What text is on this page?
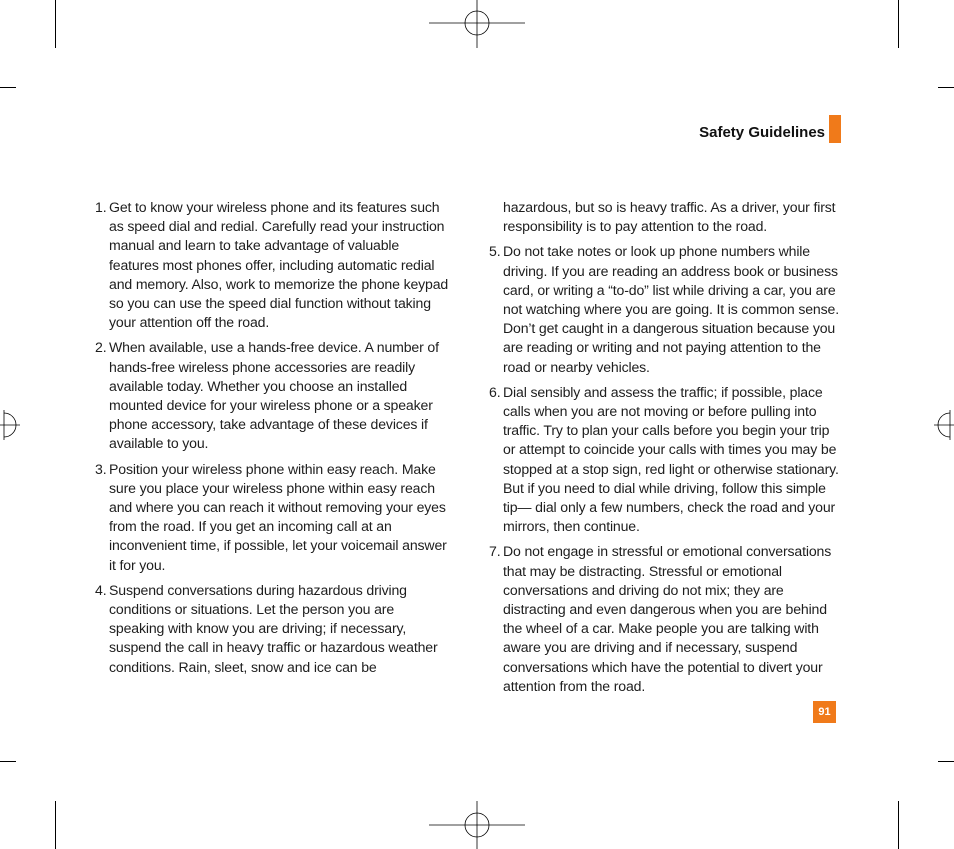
Safety Guidelines
1. Get to know your wireless phone and its features such as speed dial and redial. Carefully read your instruction manual and learn to take advantage of valuable features most phones offer, including automatic redial and memory. Also, work to memorize the phone keypad so you can use the speed dial function without taking your attention off the road.
2. When available, use a hands-free device. A number of hands-free wireless phone accessories are readily available today. Whether you choose an installed mounted device for your wireless phone or a speaker phone accessory, take advantage of these devices if available to you.
3. Position your wireless phone within easy reach. Make sure you place your wireless phone within easy reach and where you can reach it without removing your eyes from the road. If you get an incoming call at an inconvenient time, if possible, let your voicemail answer it for you.
4. Suspend conversations during hazardous driving conditions or situations. Let the person you are speaking with know you are driving; if necessary, suspend the call in heavy traffic or hazardous weather conditions. Rain, sleet, snow and ice can be
hazardous, but so is heavy traffic. As a driver, your first responsibility is to pay attention to the road.
5. Do not take notes or look up phone numbers while driving. If you are reading an address book or business card, or writing a “to-do” list while driving a car, you are not watching where you are going. It is common sense. Don’t get caught in a dangerous situation because you are reading or writing and not paying attention to the road or nearby vehicles.
6. Dial sensibly and assess the traffic; if possible, place calls when you are not moving or before pulling into traffic. Try to plan your calls before you begin your trip or attempt to coincide your calls with times you may be stopped at a stop sign, red light or otherwise stationary. But if you need to dial while driving, follow this simple tip— dial only a few numbers, check the road and your mirrors, then continue.
7. Do not engage in stressful or emotional conversations that may be distracting. Stressful or emotional conversations and driving do not mix; they are distracting and even dangerous when you are behind the wheel of a car. Make people you are talking with aware you are driving and if necessary, suspend conversations which have the potential to divert your attention from the road.
91
